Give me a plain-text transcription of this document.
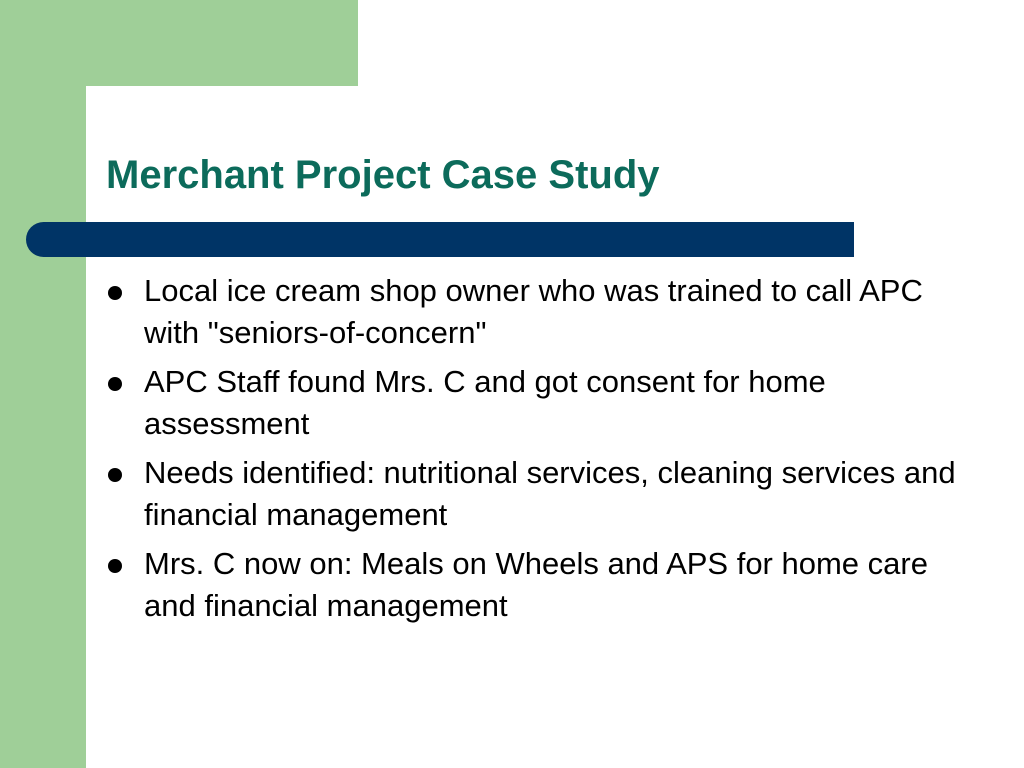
Merchant Project Case Study
Local ice cream shop owner who was trained to call APC with "seniors-of-concern"
APC Staff found Mrs. C and got consent for home assessment
Needs identified: nutritional services, cleaning services and financial management
Mrs. C now on: Meals on Wheels and APS for home care and financial management
